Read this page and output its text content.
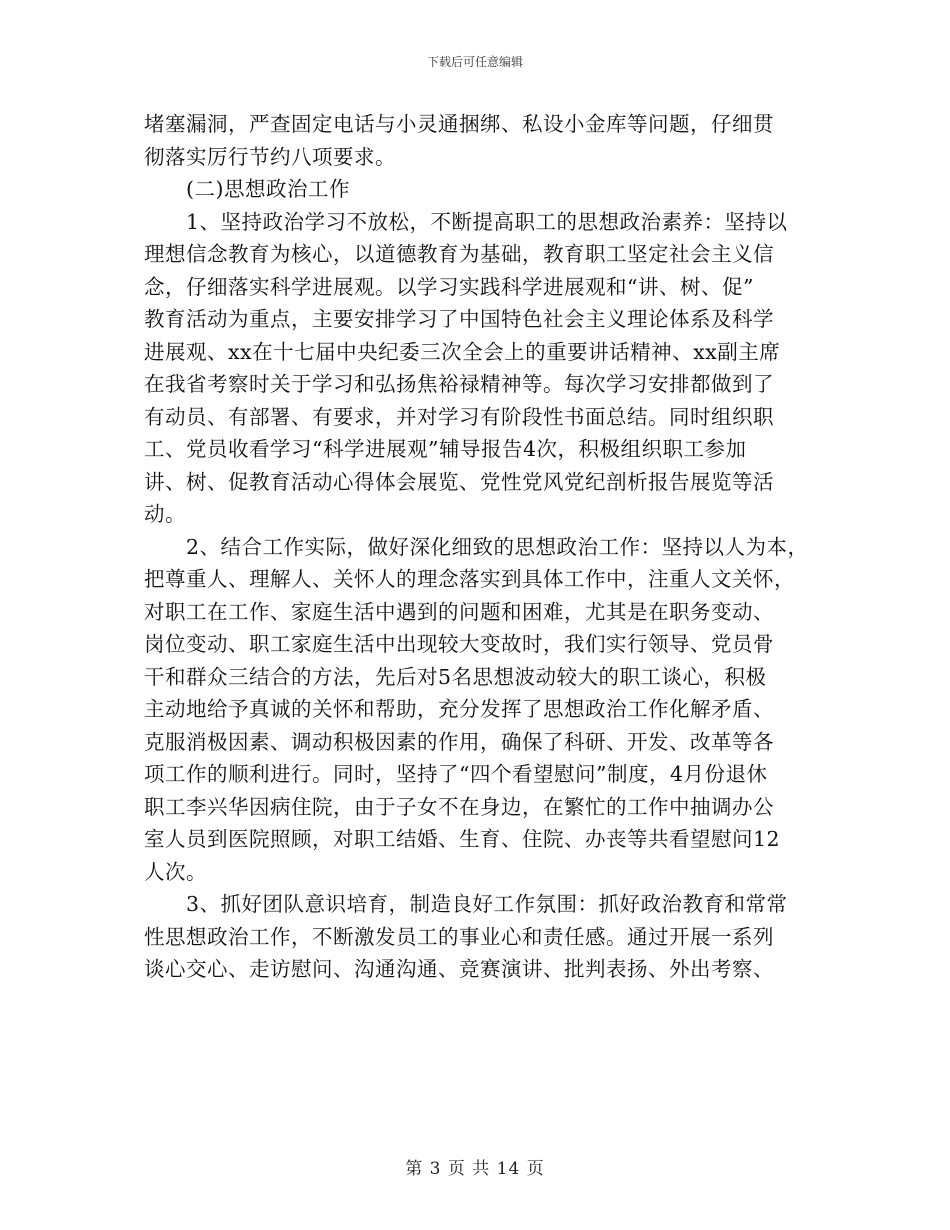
下载后可任意编辑
堵塞漏洞，严查固定电话与小灵通捆绑、私设小金库等问题，仔细贯
彻落实厉行节约八项要求。
(二)思想政治工作
1、坚持政治学习不放松，不断提高职工的思想政治素养：坚持以
理想信念教育为核心，以道德教育为基础，教育职工坚定社会主义信
念，仔细落实科学进展观。以学习实践科学进展观和“讲、树、促”
教育活动为重点，主要安排学习了中国特色社会主义理论体系及科学
进展观、xx在十七届中央纪委三次全会上的重要讲话精神、xx副主席
在我省考察时关于学习和弘扬焦裕禄精神等。每次学习安排都做到了
有动员、有部署、有要求，并对学习有阶段性书面总结。同时组织职
工、党员收看学习“科学进展观”辅导报告4次，积极组织职工参加
讲、树、促教育活动心得体会展览、党性党风党纪剖析报告展览等活
动。
2、结合工作实际，做好深化细致的思想政治工作：坚持以人为本，
把尊重人、理解人、关怀人的理念落实到具体工作中，注重人文关怀，
对职工在工作、家庭生活中遇到的问题和困难，尤其是在职务变动、
岗位变动、职工家庭生活中出现较大变故时，我们实行领导、党员骨
干和群众三结合的方法，先后对5名思想波动较大的职工谈心，积极
主动地给予真诚的关怀和帮助，充分发挥了思想政治工作化解矛盾、
克服消极因素、调动积极因素的作用，确保了科研、开发、改革等各
项工作的顺利进行。同时，坚持了“四个看望慰问”制度，4月份退休
职工李兴华因病住院，由于子女不在身边，在繁忙的工作中抽调办公
室人员到医院照顾，对职工结婚、生育、住院、办丧等共看望慰问12
人次。
3、抓好团队意识培育，制造良好工作氛围：抓好政治教育和常常
性思想政治工作，不断激发员工的事业心和责任感。通过开展一系列
谈心交心、走访慰问、沟通沟通、竞赛演讲、批判表扬、外出考察、
第 3 页 共 14 页
